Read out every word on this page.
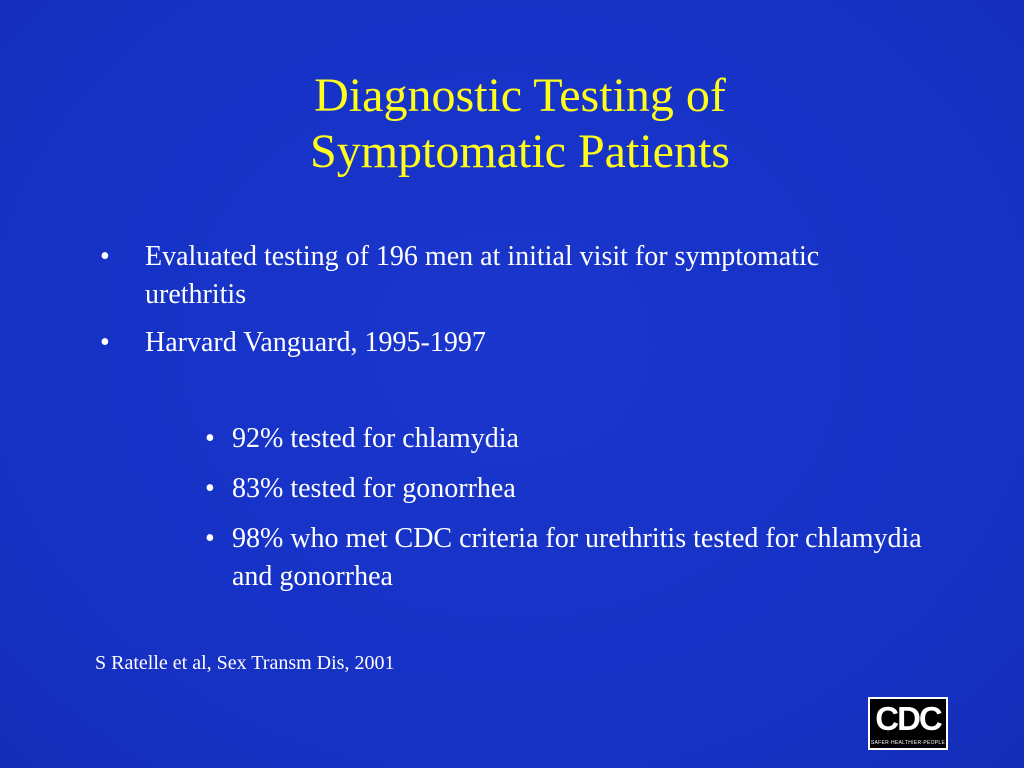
Diagnostic Testing of
Symptomatic Patients
• Evaluated testing of 196 men at initial visit for symptomatic urethritis
• Harvard Vanguard, 1995-1997
• 92% tested for chlamydia
• 83% tested for gonorrhea
• 98% who met CDC criteria for urethritis tested for chlamydia and gonorrhea
S Ratelle et al, Sex Transm Dis, 2001
CDC
SAFER·HEALTHIER·PEOPLE
